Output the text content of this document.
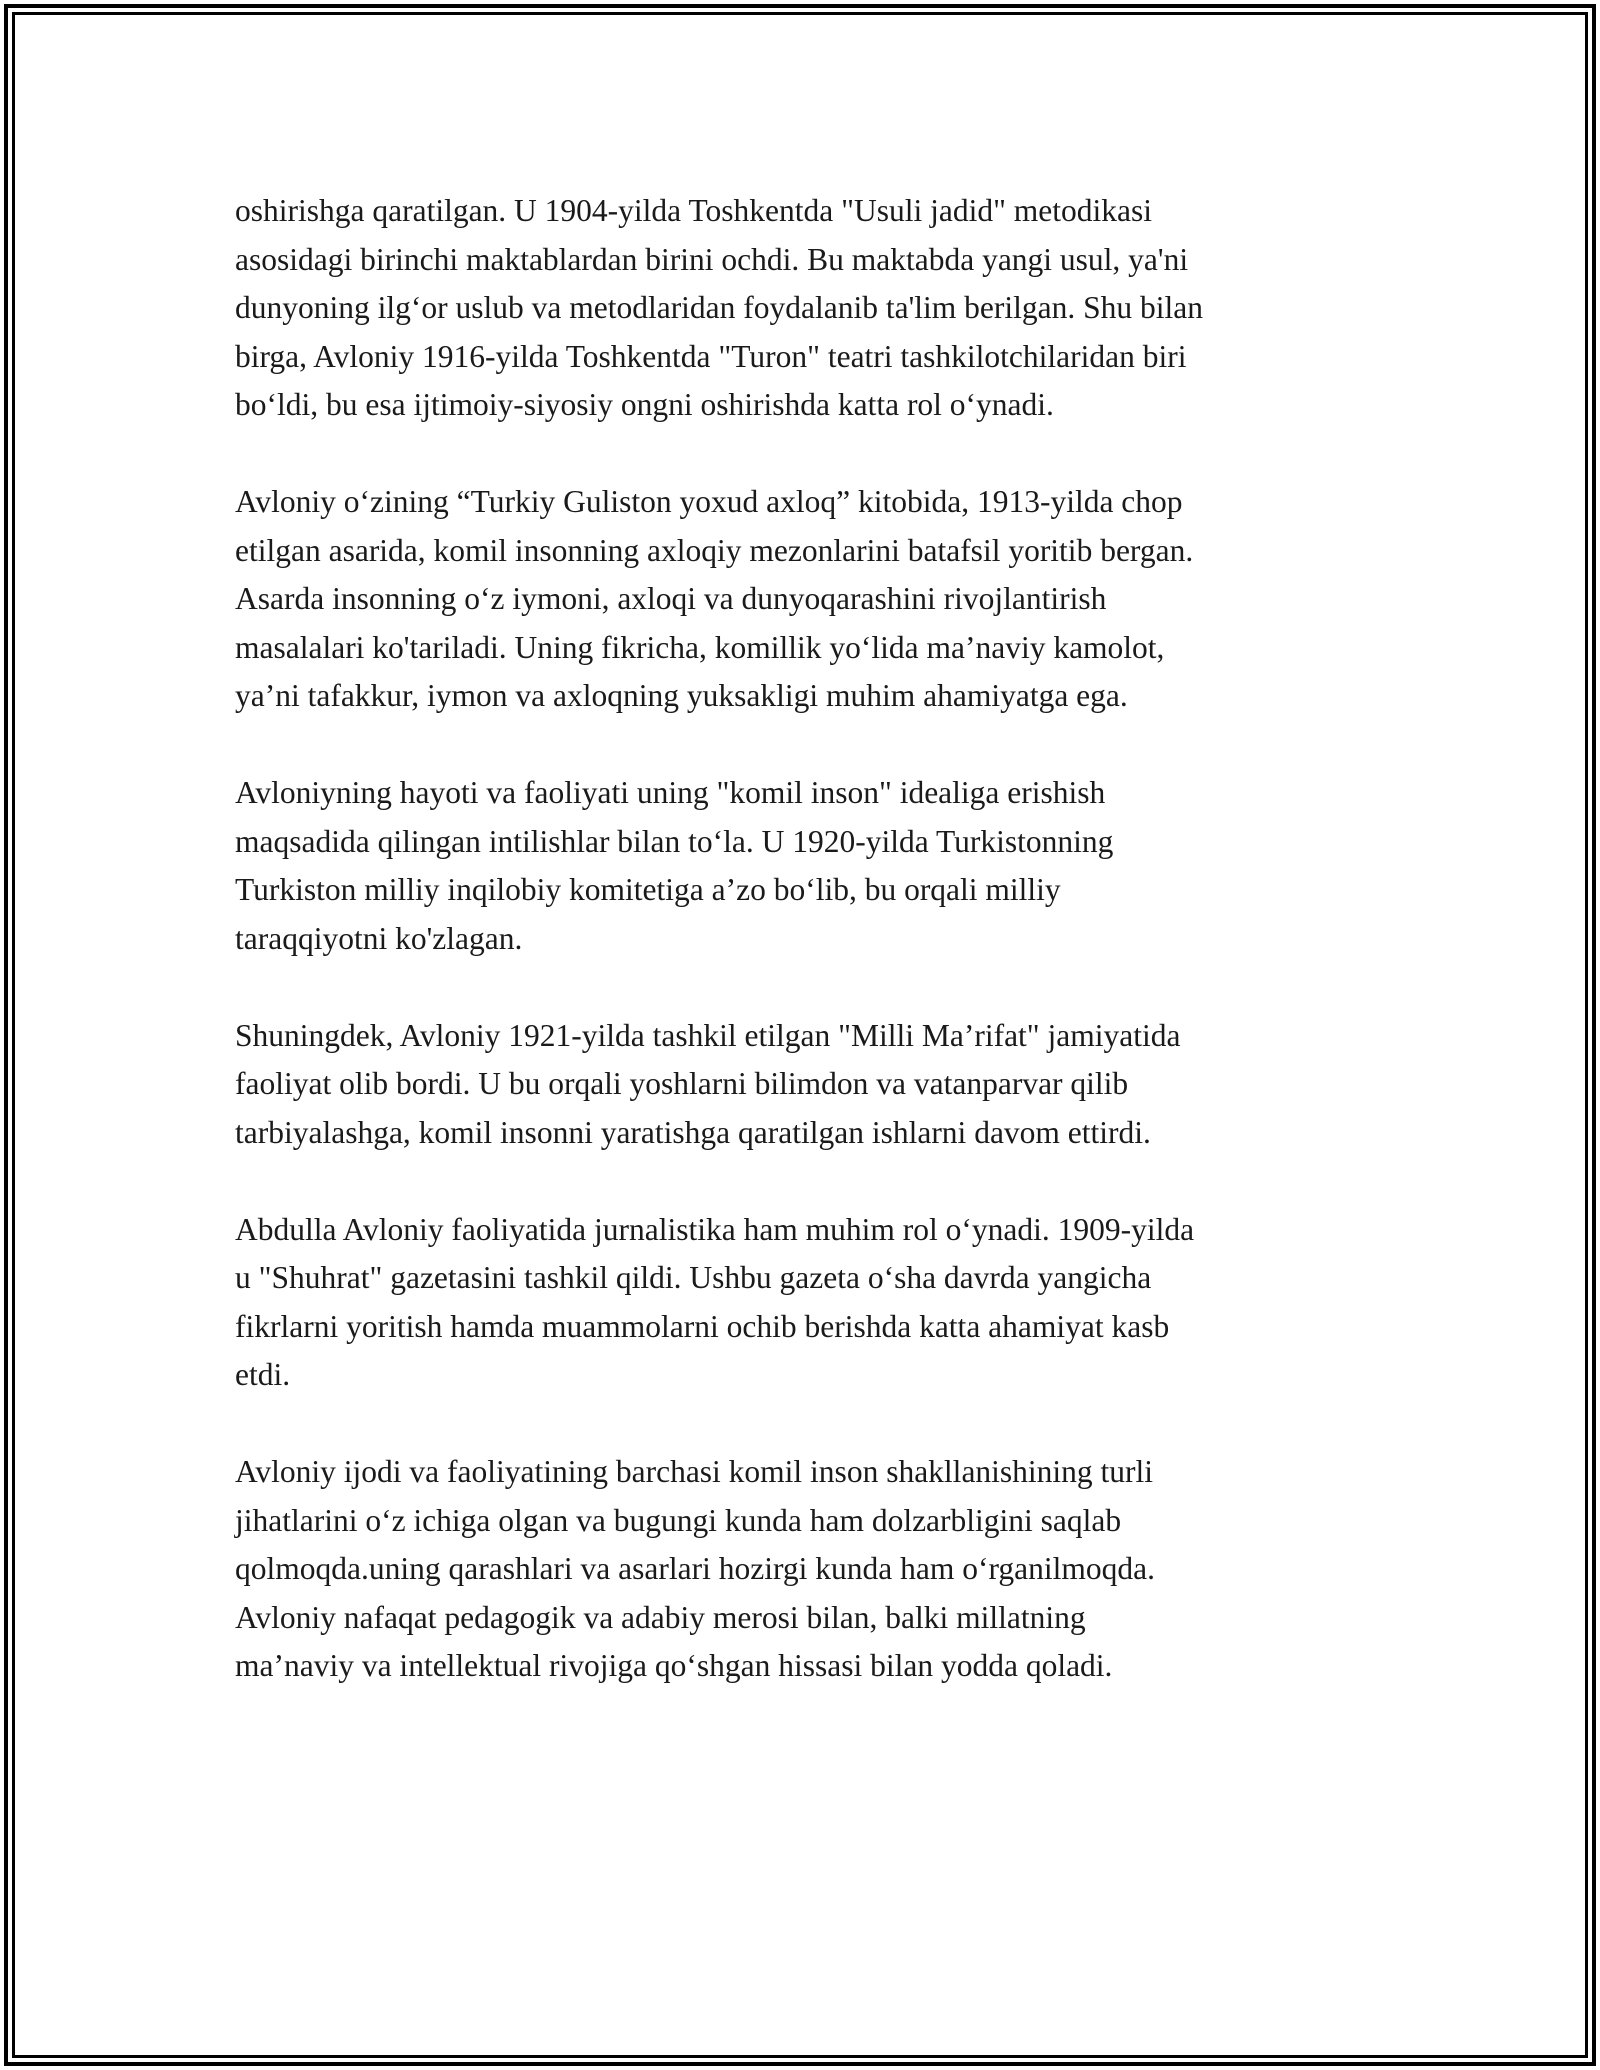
oshirishga qaratilgan. U 1904-yilda Toshkentda "Usuli jadid" metodikasi
asosidagi birinchi maktablardan birini ochdi. Bu maktabda yangi usul, ya'ni
dunyoning ilg‘or uslub va metodlaridan foydalanib ta'lim berilgan. Shu bilan
birga, Avloniy 1916-yilda Toshkentda "Turon" teatri tashkilotchilaridan biri
bo‘ldi, bu esa ijtimoiy-siyosiy ongni oshirishda katta rol o‘ynadi.

Avloniy o‘zining “Turkiy Guliston yoxud axloq” kitobida, 1913-yilda chop
etilgan asarida, komil insonning axloqiy mezonlarini batafsil yoritib bergan.
Asarda insonning o‘z iymoni, axloqi va dunyoqarashini rivojlantirish
masalalari ko'tariladi. Uning fikricha, komillik yo‘lida ma’naviy kamolot,
ya’ni tafakkur, iymon va axloqning yuksakligi muhim ahamiyatga ega.

Avloniyning hayoti va faoliyati uning "komil inson" idealiga erishish
maqsadida qilingan intilishlar bilan to‘la. U 1920-yilda Turkistonning
Turkiston milliy inqilobiy komitetiga a’zo bo‘lib, bu orqali milliy
taraqqiyotni ko'zlagan.

Shuningdek, Avloniy 1921-yilda tashkil etilgan "Milli Ma’rifat" jamiyatida
faoliyat olib bordi. U bu orqali yoshlarni bilimdon va vatanparvar qilib
tarbiyalashga, komil insonni yaratishga qaratilgan ishlarni davom ettirdi.

Abdulla Avloniy faoliyatida jurnalistika ham muhim rol o‘ynadi. 1909-yilda
u "Shuhrat" gazetasini tashkil qildi. Ushbu gazeta o‘sha davrda yangicha
fikrlarni yoritish hamda muammolarni ochib berishda katta ahamiyat kasb
etdi.

Avloniy ijodi va faoliyatining barchasi komil inson shakllanishining turli
jihatlarini o‘z ichiga olgan va bugungi kunda ham dolzarbligini saqlab
qolmoqda.uning qarashlari va asarlari hozirgi kunda ham o‘rganilmoqda.
Avloniy nafaqat pedagogik va adabiy merosi bilan, balki millatning
ma’naviy va intellektual rivojiga qo‘shgan hissasi bilan yodda qoladi.
